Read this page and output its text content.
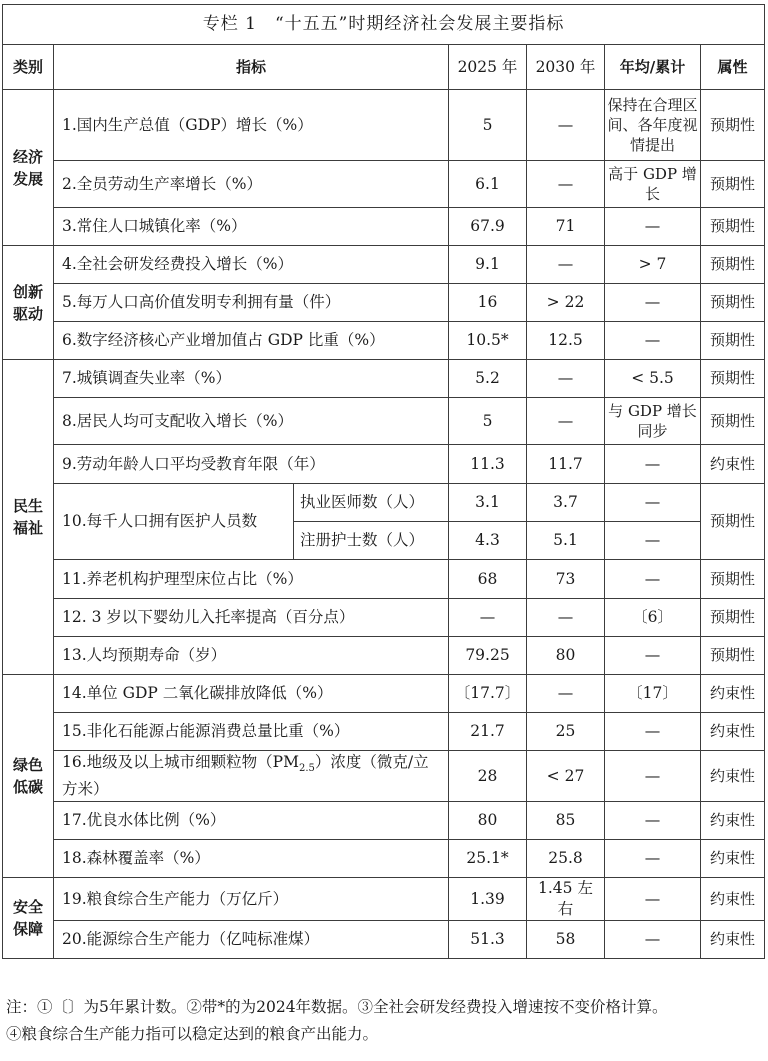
专栏 1　“十五五”时期经济社会发展主要指标						
类别	指标		2025 年	2030 年	年均/累计	属性

经济
发展	1.国内生产总值（GDP）增长（%）		5	—	保持在合理区间、各年度视情提出	预期性
	2.全员劳动生产率增长（%）		6.1	—	高于 GDP 增长	预期性
	3.常住人口城镇化率（%）		67.9	71	—	预期性

创新
驱动	4.全社会研发经费投入增长（%）		9.1	—	> 7	预期性
	5.每万人口高价值发明专利拥有量（件）		16	> 22	—	预期性
	6.数字经济核心产业增加值占 GDP 比重（%）		10.5*	12.5	—	预期性

民生
福祉	7.城镇调查失业率（%）		5.2	—	< 5.5	预期性
	8.居民人均可支配收入增长（%）		5	—	与 GDP 增长同步	预期性
	9.劳动年龄人口平均受教育年限（年）		11.3	11.7	—	约束性
	10.每千人口拥有医护人员数	执业医师数（人）	3.1	3.7	—	预期性
		注册护士数（人）	4.3	5.1	—	
	11.养老机构护理型床位占比（%）		68	73	—	预期性
	12. 3 岁以下婴幼儿入托率提高（百分点）		—	—	〔6〕	预期性
	13.人均预期寿命（岁）		79.25	80	—	预期性

绿色
低碳	14.单位 GDP 二氧化碳排放降低（%）		〔17.7〕	—	〔17〕	约束性
	15.非化石能源占能源消费总量比重（%）		21.7	25	—	约束性
	16.地级及以上城市细颗粒物$(PM_{2.5})$浓度（微克/立方米）		28	< 27	—	约束性
	17.优良水体比例（%）		80	85	—	约束性
	18.森林覆盖率（%）		25.1*	25.8	—	约束性

安全
保障	19.粮食综合生产能力（万亿斤）		1.39	1.45 左右	—	约束性
	20.能源综合生产能力（亿吨标准煤）		51.3	58	—	约束性
注：①〔〕为5年累计数。②带*的为2024年数据。③全社会研发经费投入增速按不变价格计算。
④粮食综合生产能力指可以稳定达到的粮食产出能力。
